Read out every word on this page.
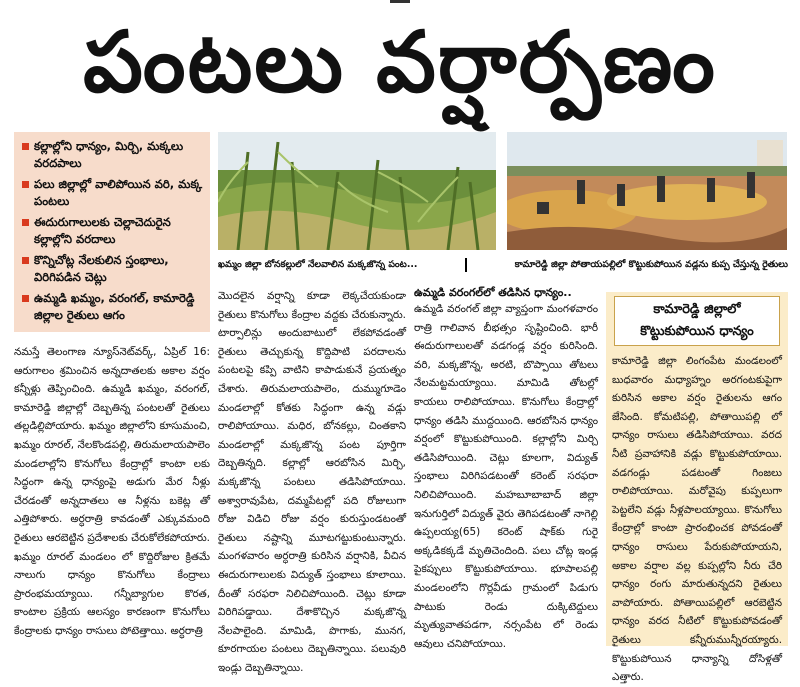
పంటలు వర్షార్పణం
కల్లాల్లోని ధాన్యం, మిర్చి, మక్కలు వరదపాలు
పలు జిల్లాల్లో వాలిపోయిన వరి, మక్క పంటలు
ఈదురుగాలులకు చెల్లాచెదురైన కల్లాల్లోని వరదాలు
కొన్నిచోట్ల నేలకులిన స్తంభాలు, విరిగిపడిన చెట్లు
ఉమ్మడి ఖమ్మం, వరంగల్, కామారెడ్డి జిల్లాల రైతులు ఆగం
ఖమ్మం జిల్లా బోనకల్లులో నేలవాలిన మక్కజొన్న పంట...	కామారెడ్డి జిల్లా పోతాయపల్లిలో కొట్టుకుపోయిన వడ్లను కుప్ప చేస్తున్న రైతులు

నమస్తే తెలంగాణ న్యూస్‌నెట్‌వర్క్, ఏప్రిల్ 16: ఆరుగాలం శ్రమించిన అన్నదాతలకు అకాల వర్షం కన్నీళ్లు తెప్పించింది. ఉమ్మడి ఖమ్మం, వరంగల్, కామారెడ్డి జిల్లాల్లో దెబ్బతిన్న పంటలతో రైతులు తల్లడిల్లిపోయారు. ఖమ్మం జిల్లాలోని కూసుమంచి, ఖమ్మం రూరల్, నేలకొండపల్లి, తిరుమలాయపాలెం మండలాల్లోని కొనుగోలు కేంద్రాల్లో కాంటా లకు సిద్ధంగా ఉన్న ధాన్యంపై అడుగు మేర నీళ్లు చేరడంతో అన్నదాతలు ఆ నీళ్లను బకెట్ల తో ఎత్తిపోశారు. అర్ధరాత్రి కావడంతో ఎక్కువమంది రైతులు ఆరబెట్టిన ప్రదేశాలకు చేరుకోలేకపోయారు. ఖమ్మం రూరల్ మండలం లో కొద్దిరోజుల క్రితమే నాలుగు ధాన్యం కొనుగోలు కేంద్రాలు ప్రారంభమయ్యాయి. గన్నీబ్యాగుల కొరత, కాంటాల ప్రక్రియ ఆలస్యం కారణంగా కొనుగోలు కేంద్రాలకు ధాన్యం రాసులు పోటెత్తాయి. అర్ధరాత్రి

మొదలైన వర్షాన్ని కూడా లెక్కచేయకుండా రైతులు కొనుగోలు కేంద్రాల వద్దకు చేరుకున్నారు. టార్పాలిన్లు అందుబాటులో లేకపోవడంతో రైతులు తెచ్చుకున్న కొద్దిపాటి పరదాలను పంటలపై కప్పి వాటిని కాపాడుకునే ప్రయత్నం చేశారు. తిరుమలాయపాలెం, దుమ్ముగూడెం మండలాల్లో కోతకు సిద్ధంగా ఉన్న వడ్లు రాలిపోయాయి. మధిర, బోనకల్లు, చింతకాని మండలాల్లో మక్కజొన్న పంట పూర్తిగా దెబ్బతిన్నది. కల్లాల్లో ఆరబోసిన మిర్చి, మక్కజొన్న పంటలు తడిసిపోయాయి. అశ్వారావుపేట, దమ్మపేటల్లో పది రోజులుగా రోజు విడిచి రోజు వర్షం కురుస్తుండటంతో రైతులు నష్టాన్ని మూటగట్టుకుంటున్నారు. మంగళవారం అర్ధరాత్రి కురిసిన వర్షానికి, వీచిన ఈదురుగాలులకు విద్యుత్ స్తంభాలు కూలాయి. దీంతో సరఫరా నిలిచిపోయింది. చెట్లు కూడా విరిగిపడ్డాయి. దేశాకొచ్చిన మక్కజొన్న నేలపాలైంది. మామిడి, పొగాకు, మునగ, కూరగాయల పంటలు దెబ్బతిన్నాయి. పలువురి ఇండ్లు దెబ్బతిన్నాయి.

ఉమ్మడి వరంగల్‌లో తడిసిన ధాన్యం..

ఉమ్మడి వరంగల్ జిల్లా వ్యాప్తంగా మంగళవారం రాత్రి గాలివాన బీభత్సం సృష్టించింది. భారీ ఈదురుగాలులతో వడగండ్ల వర్షం కురిసింది. వరి, మక్కజొన్న, అరటి, బొప్పాయి తోటలు నేలమట్టమయ్యాయి. మామిడి తోటల్లో కాయలు రాలిపోయాయి. కొనుగోలు కేంద్రాల్లో ధాన్యం తడిసి ముద్దయింది. ఆరబోసిన ధాన్యం వర్షంలో కొట్టుకుపోయింది. కల్లాల్లోని మిర్చి తడిసిపోయింది. చెట్లు కూలగా, విద్యుత్ స్తంభాలు విరిగిపడటంతో కరెంట్ సరఫరా నిలిచిపోయింది. మహబూబాబాద్ జిల్లా ఇనుగుర్తిలో విద్యుత్ వైరు తెగిపడటంతో నాగెల్లి ఉప్పలయ్య(65) కరెంట్ షాక్‌కు గురై అక్కడికక్కడే మృతిచెందింది. పలు చోట్ల ఇండ్ల పైకప్పులు కొట్టుకుపోయాయి. భూపాలపల్లి మండలంలోని గొర్లవీడు గ్రామంలో పిడుగు పాటుకు రెండు దుక్కిటెద్దులు మృత్యువాతపడగా, నర్సంపేట లో రెండు ఆవులు చనిపోయాయి.

కామారెడ్డి జిల్లాలో కొట్టుకుపోయిన ధాన్యం
కామారెడ్డి జిల్లా లింగంపేట మండలంలో బుధవారం మధ్యాహ్నం అరగంటకుపైగా కురిసిన అకాల వర్షం రైతులను ఆగం జేసింది. కోమటిపల్లి, పోతాయిపల్లి లో ధాన్యం రాసులు తడిసిపోయాయి. వరద నీటి ప్రవాహానికి వడ్లు కొట్టుకుపోయాయి. వడగండ్లు పడటంతో గింజలు రాలిపోయాయి. మరోవైపు కుప్పలుగా పెట్టలేని వడ్లు నీళ్లపాలయ్యాయి. కొనుగోలు కేంద్రాల్లో కాంటా ప్రారంభించక పోవడంతో ధాన్యం రాసులు పేరుకుపోయాయని, అకాల వర్షాల వల్ల కుప్పల్లోని నీరు చేరి ధాన్యం రంగు మారుతున్నదని రైతులు వాపోయారు. పోతాయిపల్లిలో ఆరబెట్టిన ధాన్యం వరద నీటిలో కొట్టుకుపోవడంతో రైతులు కన్నీరుమున్నీరయ్యారు. కొట్టుకుపోయిన ధాన్యాన్ని దోసిళ్లతో ఎత్తారు.
